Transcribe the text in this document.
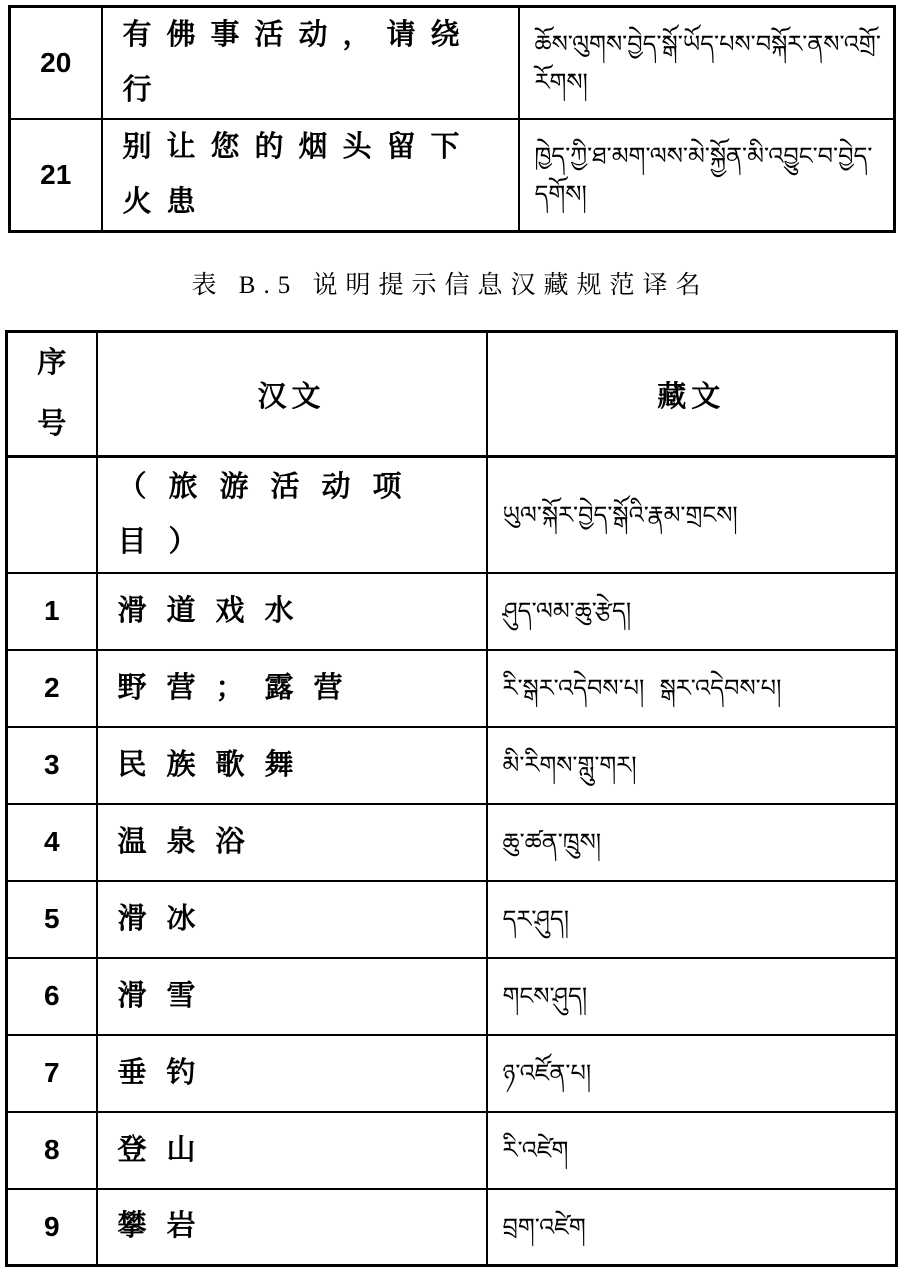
20	有佛事活动，请绕行	ཆོས་ལུགས་བྱེད་སྒོ་ཡོད་པས་བསྐོར་ནས་འགྲོ་རོགས།
21	别让您的烟头留下火患	ཁྱེད་ཀྱི་ཐ་མག་ལས་མེ་སྐྱོན་མི་འབྱུང་བ་བྱེད་དགོས།
表 B.5 说明提示信息汉藏规范译名
序号	汉文	藏文
	（旅游活动项目）	ཡུལ་སྐོར་བྱེད་སྒོའི་རྣམ་གྲངས།
1	滑道戏水	ཤུད་ལམ་ཆུ་རྩེད།
2	野营；露营	རི་སྒར་འདེབས་པ།  སྒར་འདེབས་པ།
3	民族歌舞	མི་རིགས་གླུ་གར།
4	温泉浴	ཆུ་ཚན་ཁྲུས།
5	滑冰	དར་ཤུད།
6	滑雪	གངས་ཤུད།
7	垂钓	ཉ་འཛོན་པ།
8	登山	རི་འཛེག
9	攀岩	བྲག་འཛེག
